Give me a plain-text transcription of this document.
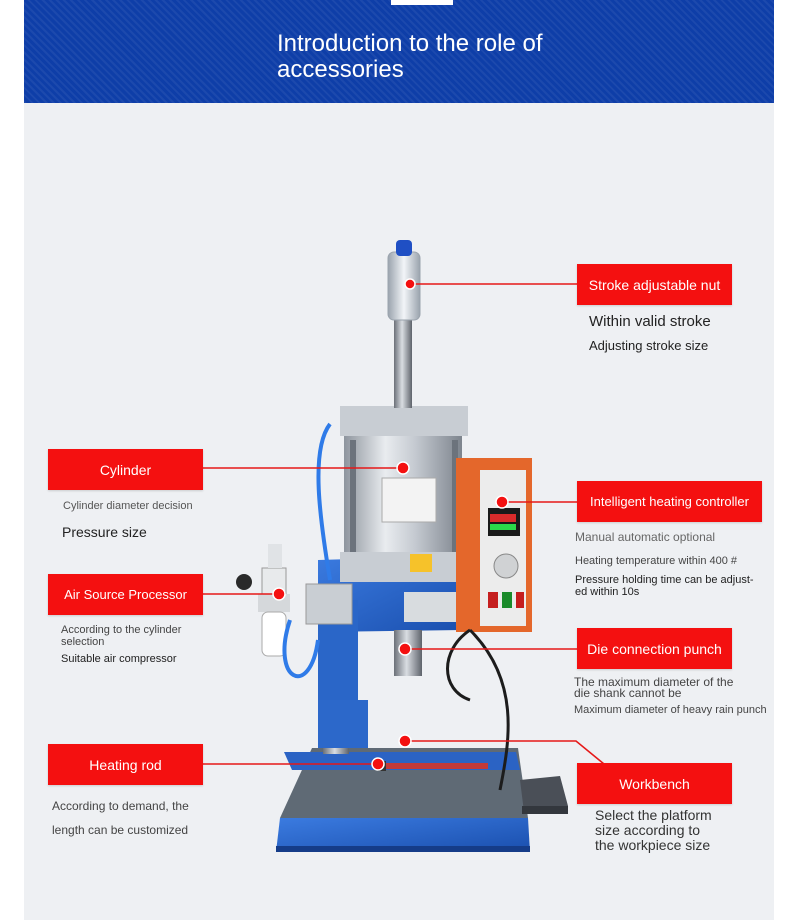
Introduction to the role of accessories
Stroke adjustable nut
Within valid stroke
Adjusting stroke size
Cylinder
Cylinder diameter decision
Pressure size
Intelligent heating controller
Manual automatic optional
Heating temperature within 400 #
Pressure holding time can be adjust-
ed within 10s
Air Source Processor
According to the cylinder
selection
Suitable air compressor
Die connection punch
The maximum diameter of the
die shank cannot be
Maximum diameter of heavy rain punch
Heating rod
According to demand, the
length can be customized
Workbench
Select the platform
size according to
the workpiece size
